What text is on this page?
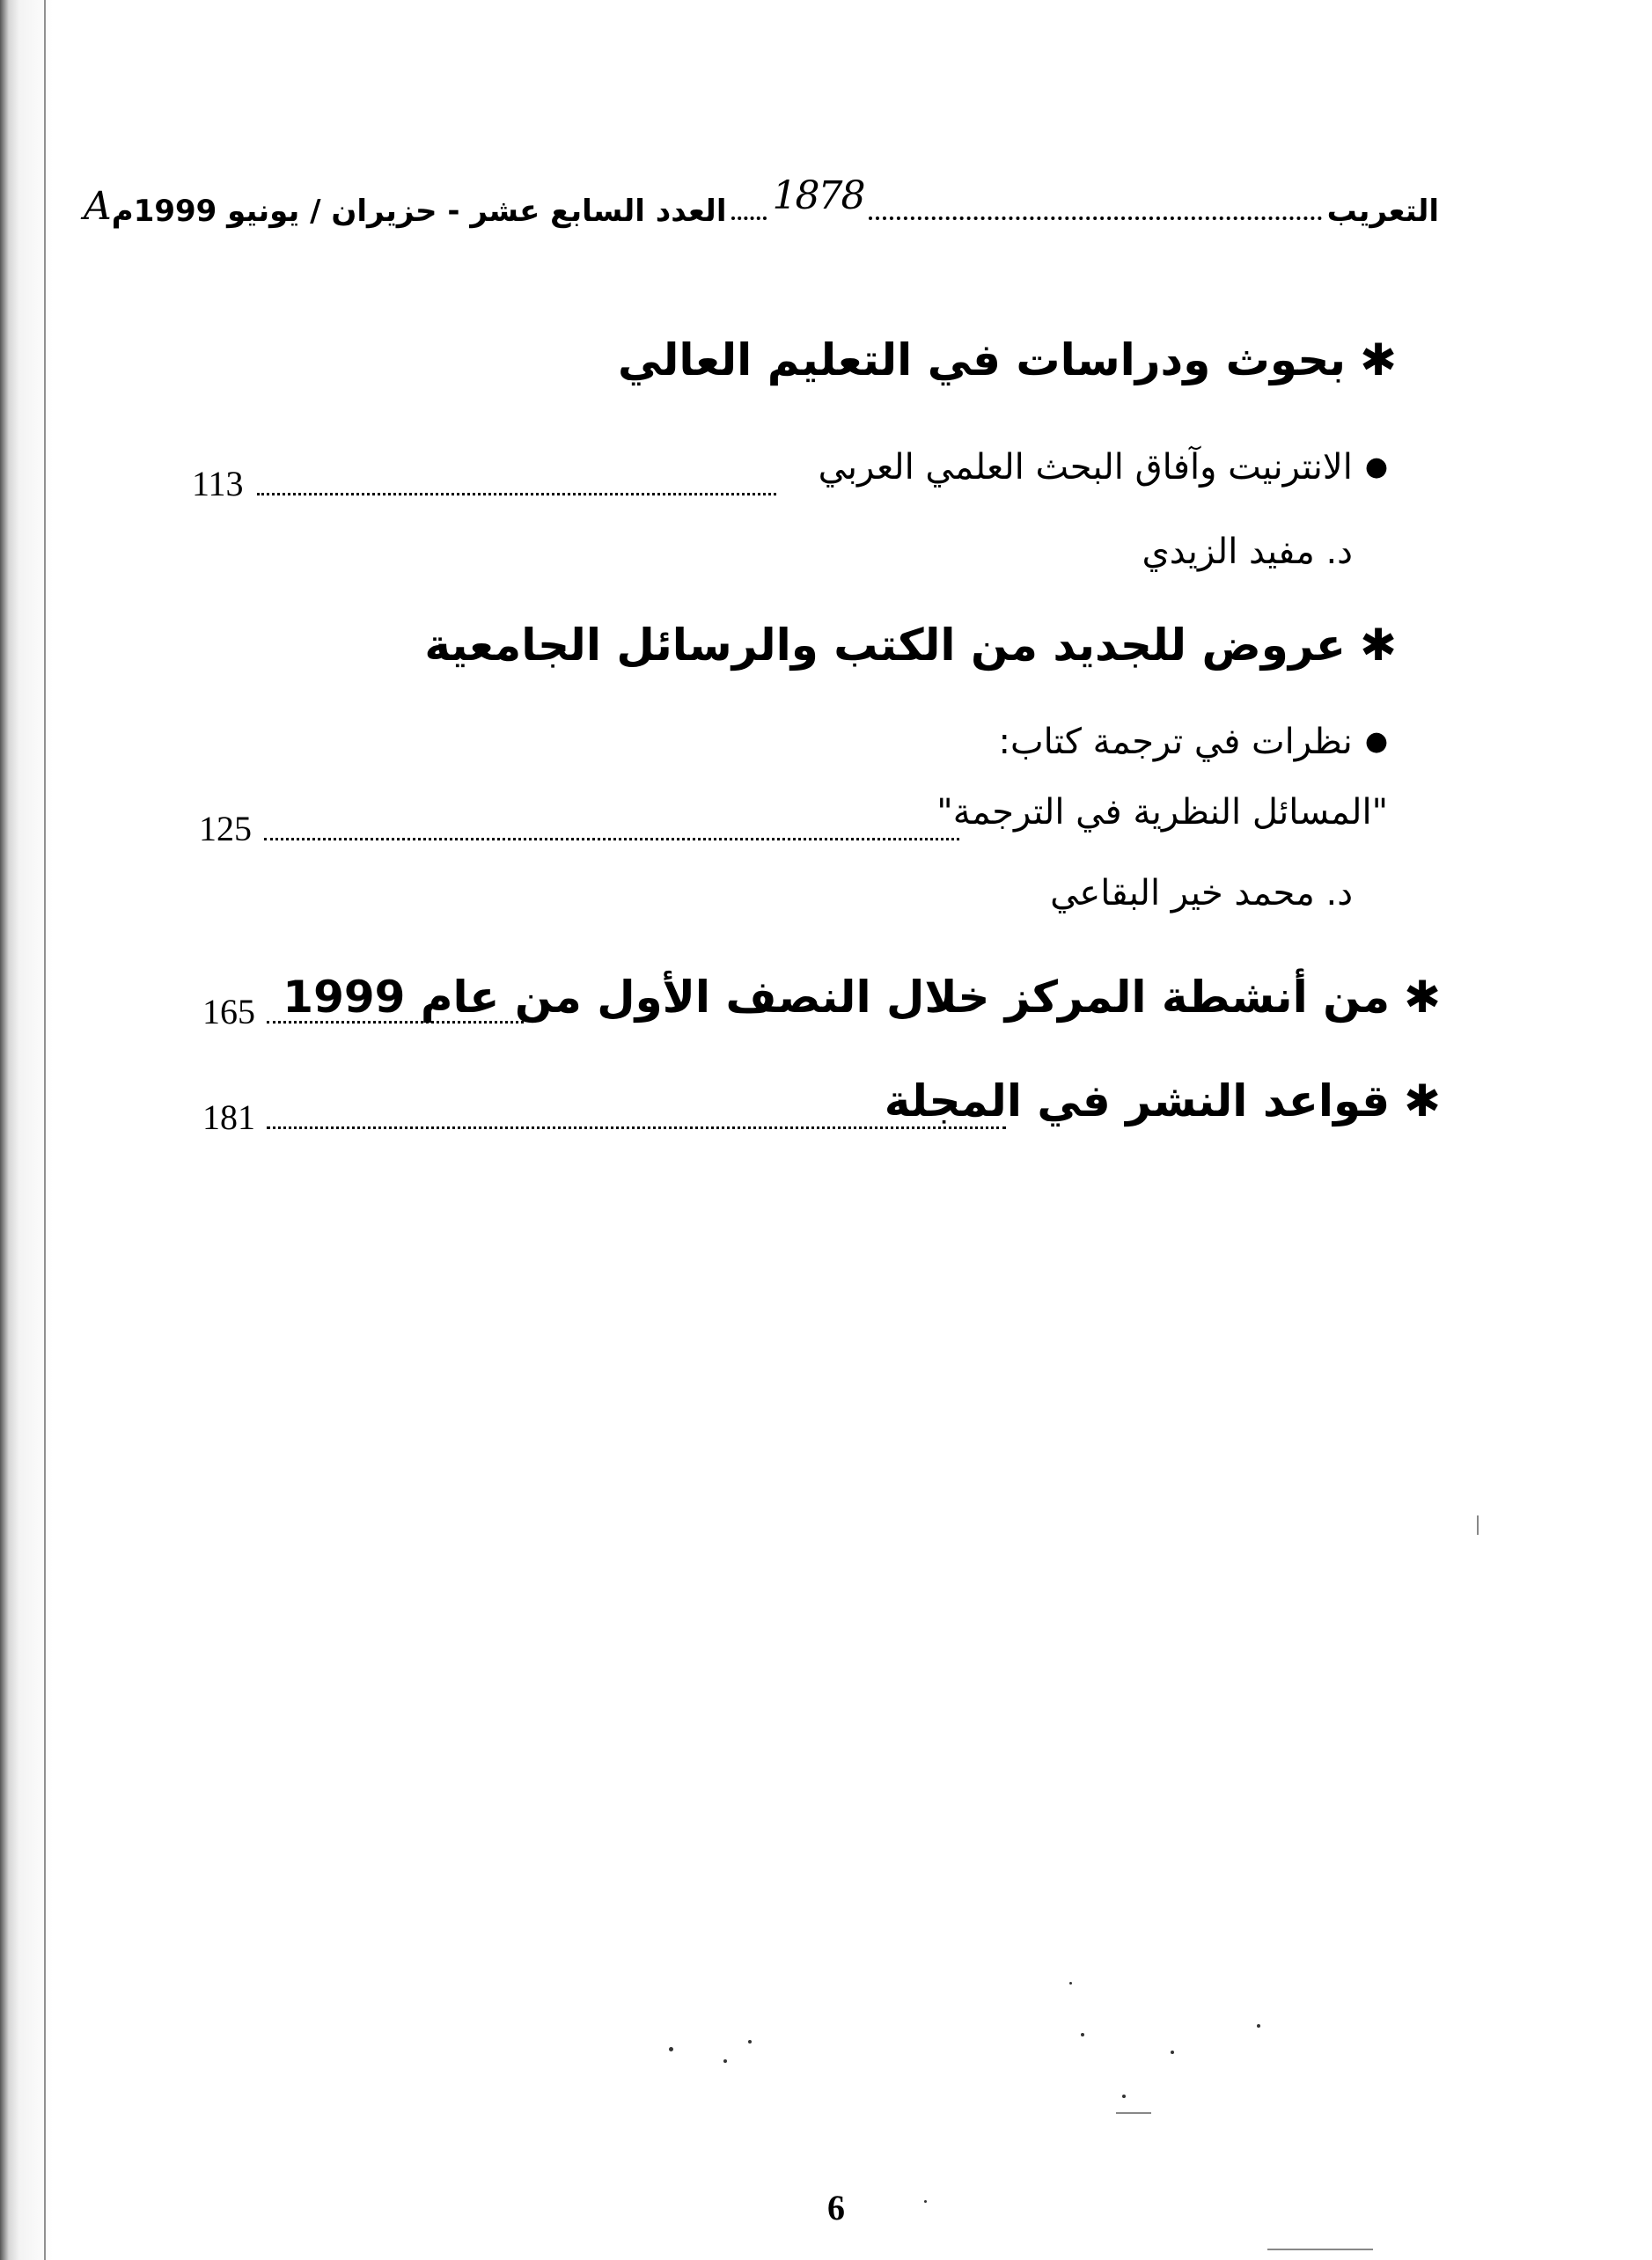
التعريب
1878
العدد السابع عشر - حزيران / يونيو 1999م
A
✱بحوث ودراسات في التعليم العالي
●الانترنيت وآفاق البحث العلمي العربي
113
د. مفيد الزيدي
✱عروض للجديد من الكتب والرسائل الجامعية
●نظرات في ترجمة كتاب:
"المسائل النظرية في الترجمة"
125
د. محمد خير البقاعي
✱من أنشطة المركز خلال النصف الأول من عام 1999
165
✱قواعد النشر في المجلة
181
6
